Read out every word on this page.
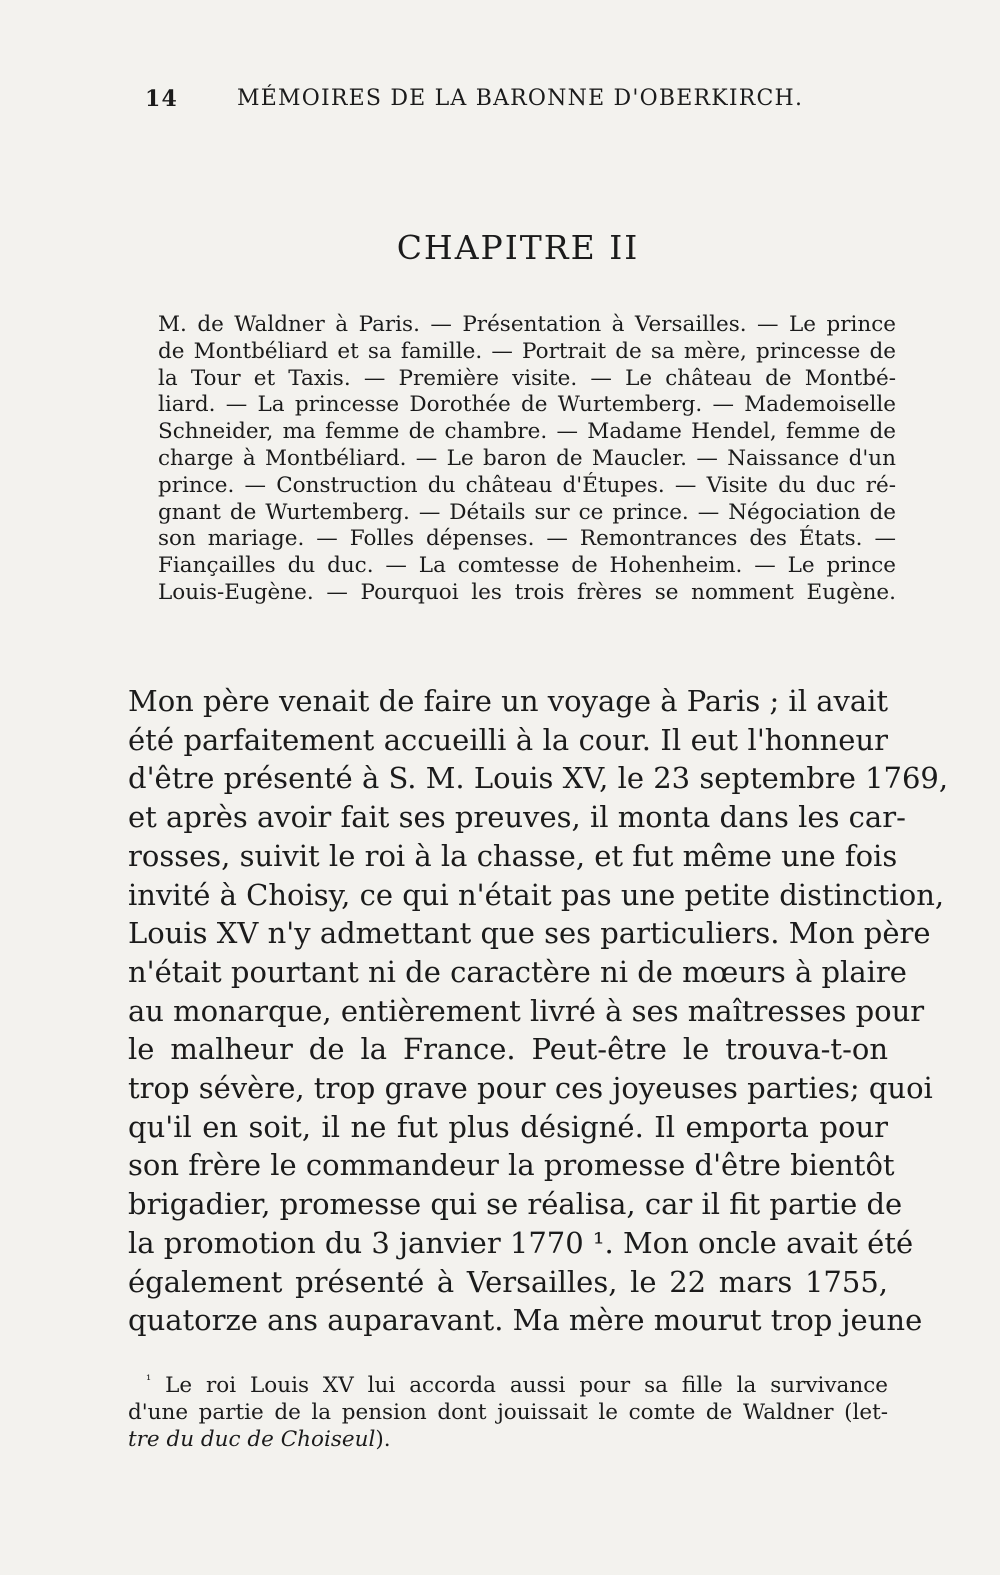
14	MÉMOIRES DE LA BARONNE D'OBERKIRCH.
CHAPITRE II
M. de Waldner à Paris. — Présentation à Versailles. — Le prince
de Montbéliard et sa famille. — Portrait de sa mère, princesse de
la Tour et Taxis. — Première visite. — Le château de Montbé-
liard. — La princesse Dorothée de Wurtemberg. — Mademoiselle
Schneider, ma femme de chambre. — Madame Hendel, femme de
charge à Montbéliard. — Le baron de Maucler. — Naissance d'un
prince. — Construction du château d'Étupes. — Visite du duc ré-
gnant de Wurtemberg. — Détails sur ce prince. — Négociation de
son mariage. — Folles dépenses. — Remontrances des États. —
Fiançailles du duc. — La comtesse de Hohenheim. — Le prince
Louis-Eugène. — Pourquoi les trois frères se nomment Eugène.
Mon père venait de faire un voyage à Paris ; il avait
été parfaitement accueilli à la cour. Il eut l'honneur
d'être présenté à S. M. Louis XV, le 23 septembre 1769,
et après avoir fait ses preuves, il monta dans les car-
rosses, suivit le roi à la chasse, et fut même une fois
invité à Choisy, ce qui n'était pas une petite distinction,
Louis XV n'y admettant que ses particuliers. Mon père
n'était pourtant ni de caractère ni de mœurs à plaire
au monarque, entièrement livré à ses maîtresses pour
le malheur de la France. Peut-être le trouva-t-on
trop sévère, trop grave pour ces joyeuses parties; quoi
qu'il en soit, il ne fut plus désigné. Il emporta pour
son frère le commandeur la promesse d'être bientôt
brigadier, promesse qui se réalisa, car il fit partie de
la promotion du 3 janvier 1770 ¹. Mon oncle avait été
également présenté à Versailles, le 22 mars 1755,
quatorze ans auparavant. Ma mère mourut trop jeune
$^{^1}$ Le roi Louis XV lui accorda aussi pour sa fille la survivance
d'une partie de la pension dont jouissait le comte de Waldner (let-
tre du duc de Choiseul).
